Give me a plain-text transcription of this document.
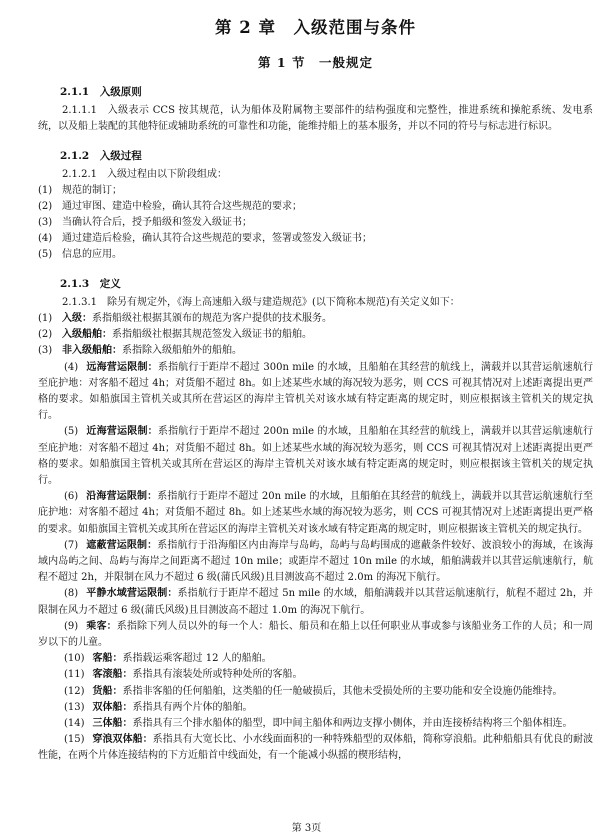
第 2 章　入级范围与条件
第 1 节　一般规定
2.1.1　入级原则

2.1.1.1　入级表示 CCS 按其规范，认为船体及附属物主要部件的结构强度和完整性，推进系统和操舵系统、发电系统，以及船上装配的其他特征或辅助系统的可靠性和功能，能维持船上的基本服务，并以不同的符号与标志进行标识。

2.1.2　入级过程

2.1.2.1　入级过程由以下阶段组成：

(1) 规范的制订；

(2) 通过审图、建造中检验，确认其符合这些规范的要求；

(3) 当确认符合后，授予船级和签发入级证书；

(4) 通过建造后检验，确认其符合这些规范的要求，签署或签发入级证书；

(5) 信息的应用。

2.1.3　定义

2.1.3.1　除另有规定外，《海上高速船入级与建造规范》(以下简称本规范)有关定义如下：

(1) 入级：系指船级社根据其颁布的规范为客户提供的技术服务。

(2) 入级船舶：系指船级社根据其规范签发入级证书的船舶。

(3) 非入级船舶：系指除入级船舶外的船舶。

(4) 远海营运限制：系指航行于距岸不超过 300n mile 的水域，且船舶在其经营的航线上，满载并以其营运航速航行至庇护地：对客船不超过 4h；对货船不超过 8h。如上述某些水域的海况较为恶劣，则 CCS 可视其情况对上述距离提出更严格的要求。如船旗国主管机关或其所在营运区的海岸主管机关对该水域有特定距离的规定时，则应根据该主管机关的规定执行。

(5) 近海营运限制：系指航行于距岸不超过 200n mile 的水域，且船舶在其经营的航线上，满载并以其营运航速航行至庇护地：对客船不超过 4h；对货船不超过 8h。如上述某些水域的海况较为恶劣，则 CCS 可视其情况对上述距离提出更严格的要求。如船旗国主管机关或其所在营运区的海岸主管机关对该水域有特定距离的规定时，则应根据该主管机关的规定执行。

(6) 沿海营运限制：系指航行于距岸不超过 20n mile 的水域，且船舶在其经营的航线上，满载并以其营运航速航行至庇护地：对客船不超过 4h；对货船不超过 8h。如上述某些水域的海况较为恶劣，则 CCS 可视其情况对上述距离提出更严格的要求。如船旗国主管机关或其所在营运区的海岸主管机关对该水域有特定距离的规定时，则应根据该主管机关的规定执行。

(7) 遮蔽营运限制：系指航行于沿海船区内由海岸与岛屿，岛屿与岛屿围成的遮蔽条件较好、波浪较小的海域，在该海域内岛屿之间、岛屿与海岸之间距离不超过 10n mile；或距岸不超过 10n mile 的水域，船舶满载并以其营运航速航行，航程不超过 2h，并限制在风力不超过 6 级(蒲氏风级)且目测波高不超过 2.0m 的海况下航行。

(8) 平静水域营运限制：系指航行于距岸不超过 5n mile 的水域，船舶满载并以其营运航速航行，航程不超过 2h，并限制在风力不超过 6 级(蒲氏风级)且目测波高不超过 1.0m 的海况下航行。

(9) 乘客：系指除下列人员以外的每一个人：船长、船员和在船上以任何职业从事或参与该船业务工作的人员；和一周岁以下的儿童。

(10) 客船：系指载运乘客超过 12 人的船舶。

(11) 客滚船：系指具有滚装处所或特种处所的客船。

(12) 货船：系指非客船的任何船舶，这类船的任一舱破损后，其他未受损处所的主要功能和安全设施仍能维持。

(13) 双体船：系指具有两个片体的船舶。

(14) 三体船：系指具有三个排水船体的船型，即中间主船体和两边支撑小侧体，并由连接桥结构将三个船体相连。

(15) 穿浪双体船：系指具有大宽长比、小水线面面积的一种特殊船型的双体船，简称穿浪船。此种船船具有优良的耐波性能，在两个片体连接结构的下方近船首中线面处，有一个能减小纵摇的楔形结构，

第 3页
